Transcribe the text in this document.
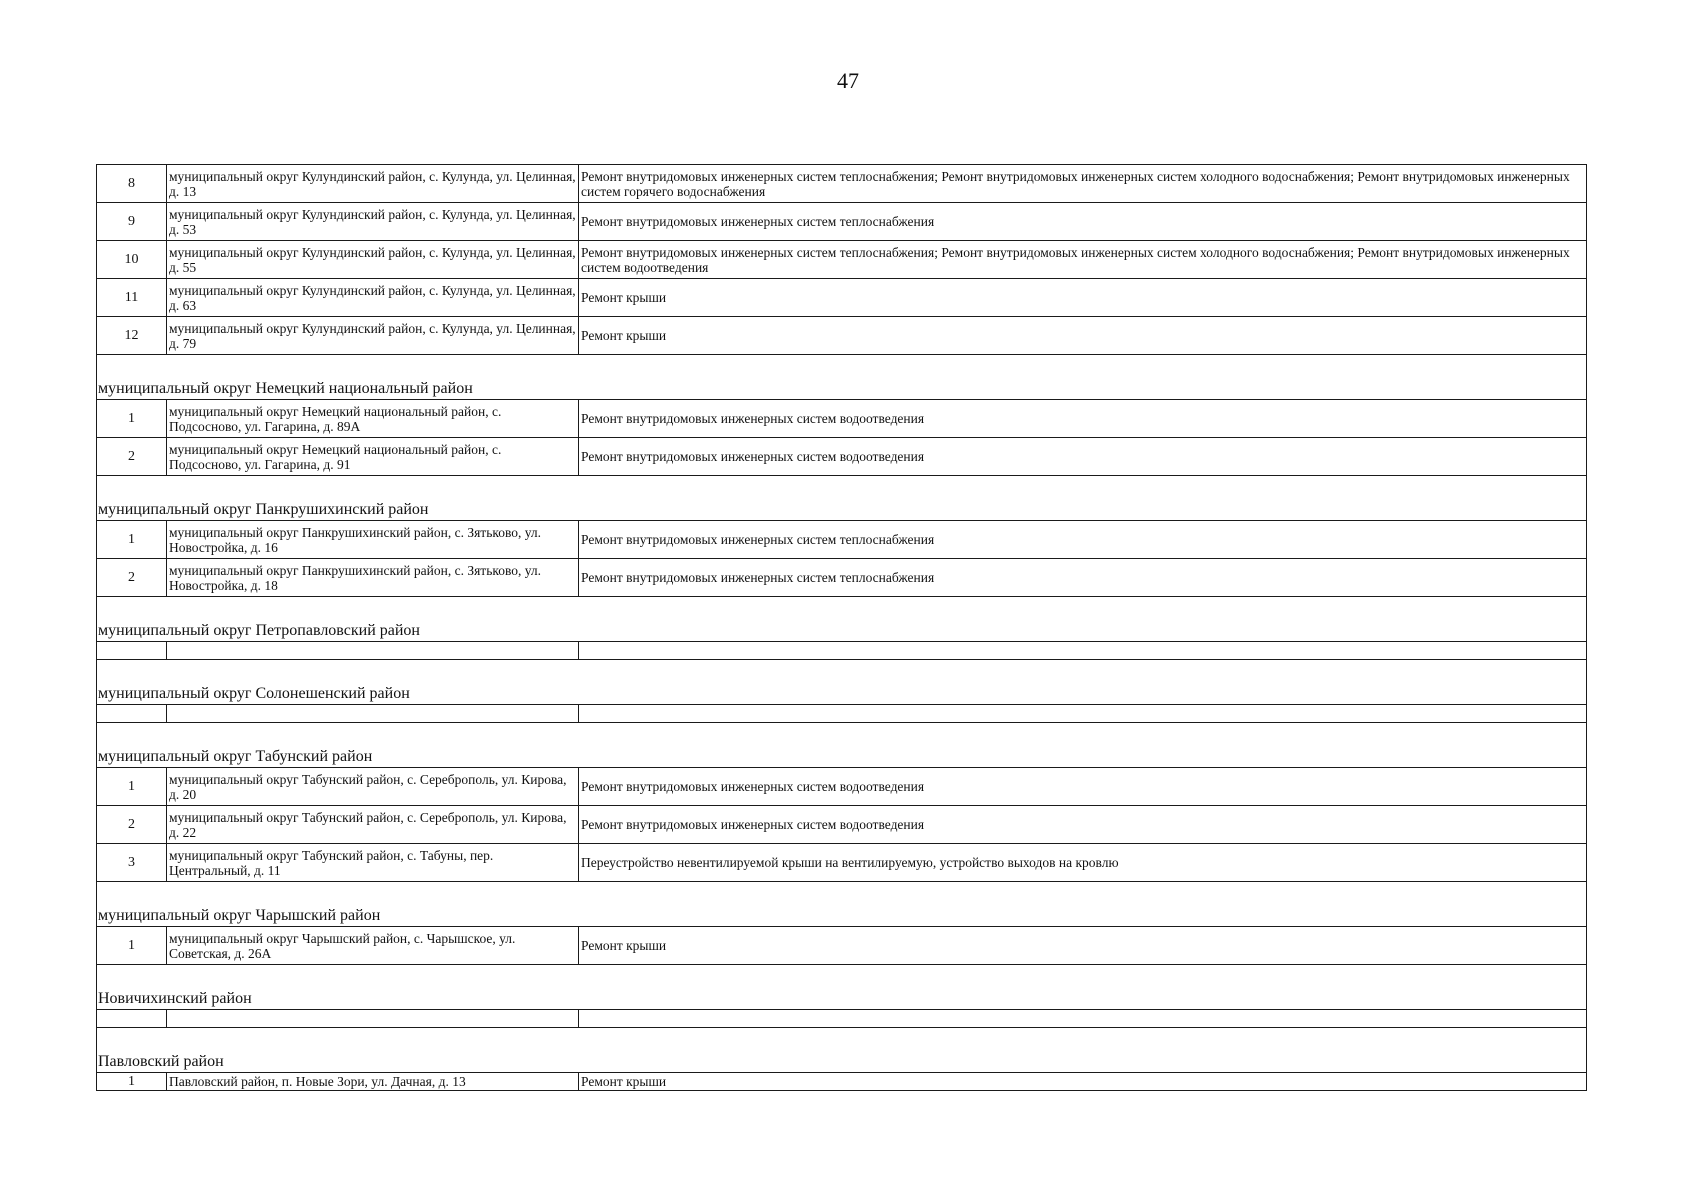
47
8	муниципальный округ Кулундинский район, с. Кулунда, ул. Целинная, д. 13	Ремонт внутридомовых инженерных систем теплоснабжения; Ремонт внутридомовых инженерных систем холодного водоснабжения; Ремонт внутридомовых инженерных систем горячего водоснабжения
9	муниципальный округ Кулундинский район, с. Кулунда, ул. Целинная, д. 53	Ремонт внутридомовых инженерных систем теплоснабжения
10	муниципальный округ Кулундинский район, с. Кулунда, ул. Целинная, д. 55	Ремонт внутридомовых инженерных систем теплоснабжения; Ремонт внутридомовых инженерных систем холодного водоснабжения; Ремонт внутридомовых инженерных систем водоотведения
11	муниципальный округ Кулундинский район, с. Кулунда, ул. Целинная, д. 63	Ремонт крыши
12	муниципальный округ Кулундинский район, с. Кулунда, ул. Целинная, д. 79	Ремонт крыши
муниципальный округ Немецкий национальный район		
1	муниципальный округ Немецкий национальный район, с. Подсосново, ул. Гагарина, д. 89А	Ремонт внутридомовых инженерных систем водоотведения
2	муниципальный округ Немецкий национальный район, с. Подсосново, ул. Гагарина, д. 91	Ремонт внутридомовых инженерных систем водоотведения
муниципальный округ Панкрушихинский район		
1	муниципальный округ Панкрушихинский район, с. Зятьково, ул. Новостройка, д. 16	Ремонт внутридомовых инженерных систем теплоснабжения
2	муниципальный округ Панкрушихинский район, с. Зятьково, ул. Новостройка, д. 18	Ремонт внутридомовых инженерных систем теплоснабжения
муниципальный округ Петропавловский район		

муниципальный округ Солонешенский район		

муниципальный округ Табунский район		
1	муниципальный округ Табунский район, с. Сереброполь, ул. Кирова, д. 20	Ремонт внутридомовых инженерных систем водоотведения
2	муниципальный округ Табунский район, с. Сереброполь, ул. Кирова, д. 22	Ремонт внутридомовых инженерных систем водоотведения
3	муниципальный округ Табунский район, с. Табуны, пер. Центральный, д. 11	Переустройство невентилируемой крыши на вентилируемую, устройство выходов на кровлю
муниципальный округ Чарышский район		
1	муниципальный округ Чарышский район, с. Чарышское, ул. Советская, д. 26А	Ремонт крыши
Новичихинский район		

Павловский район		
1	Павловский район, п. Новые Зори, ул. Дачная, д. 13	Ремонт крыши
